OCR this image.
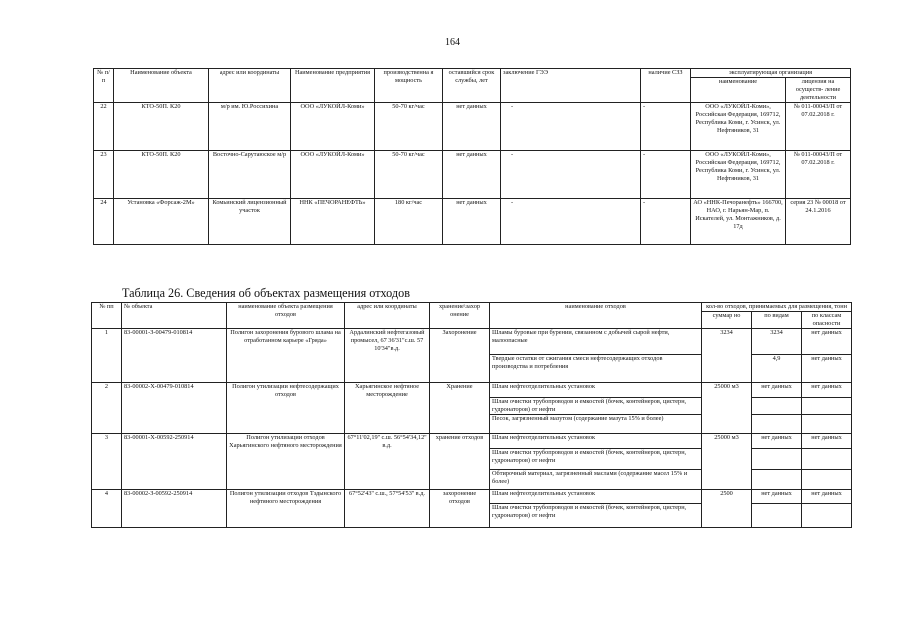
164
№ п/ п	Наименование объекта	адрес или координаты	Наименование предприятия	производственна я мощность	оставшийся срок службы, лет	заключение ГЭЭ	наличие СЗЗ	эксплуатирующая организация	
								наименование	лицензия на осуществ- ление деятельности
22	КТО-50П. К20	м/р им. Ю.Россихина	ООО «ЛУКОЙЛ-Коми»	50-70 кг/час	нет данных	-	-	ООО «ЛУКОЙЛ-Коми», Российская Федерация, 169712, Республика Коми, г. Усинск, ул. Нефтяников, 31	№ 011-00043/П от 07.02.2018 г.
23	КТО-50П. К20	Восточно-Сарутаюское м/р	ООО «ЛУКОЙЛ-Коми»	50-70 кг/час	нет данных	-	-	ООО «ЛУКОЙЛ-Коми», Российская Федерация, 169712, Республика Коми, г. Усинск, ул. Нефтяников, 31	№ 011-00043/П от 07.02.2018 г.
24	Установка «Форсаж-2М»	Комьинский лицензионный участок	ННК «ПЕЧОРАНЕФТЬ»	180 кг/час	нет данных	-	-	АО «ННК-Печоранефть» 166700, НАО, г. Нарьян-Мар, п. Искателей, ул. Монтажников, д. 17д	серия 23 № 00018 от 24.1.2016
Таблица 26. Сведения об объектах размещения отходов
№ пп	№ объекта	наименование объекта размещения отходов	адрес или координаты	хранение\захор онение	наименование отходов	кол-во отходов, принимаемых для размещения, тонн		
						суммар но	по видам	по классам опасности
1	83-00001-З-00479-010814	Полигон захоронения бурового шлама на отработанном карьере «Гряда»	Ардалинский нефтегазовый промысел, 67 36'31"с.ш. 57 10'34"в.д.	Захоронение	Шламы буровые при бурении, связанном с добычей сырой нефти, малоопасные	3234	3234	нет данных
					Твердые остатки от сжигания смеси нефтесодержащих отходов производства и потребления		4,9	нет данных
2	83-00002-Х-00479-010814	Полигон утилизации нефтесодержащих отходов	Харьягинское нефтяное месторождение	Хранение	Шлам нефтеотделительных установок	25000 м3	нет данных	нет данных
					Шлам очистки трубопроводов и емкостей (бочек, контейнеров, цистерн, гудронаторов) от нефти			
					Песок, загрязненный мазутом (содержание мазута 15% и более)			
3	83-00001-Х-00592-250914	Полигон утилизации отходов Харьягинского нефтяного месторождения	67°11'02,19'' с.ш. 56°54'34,12'' в.д.	хранение отходов	Шлам нефтеотделительных установок	25000 м3	нет данных	нет данных
					Шлам очистки трубопроводов и емкостей (бочек, контейнеров, цистерн, гудронаторов) от нефти			
					Обтирочный материал, загрязненный маслами (содержание масел 15% и более)			
4	83-00002-З-00592-250914	Полигон утилизации отходов Тэдынского нефтяного месторождения	67°52'43'' с.ш., 57°54'53'' в.д.	захоронение отходов	Шлам нефтеотделительных установок	2500	нет данных	нет данных
					Шлам очистки трубопроводов и емкостей (бочек, контейнеров, цистерн, гудронаторов) от нефти			
